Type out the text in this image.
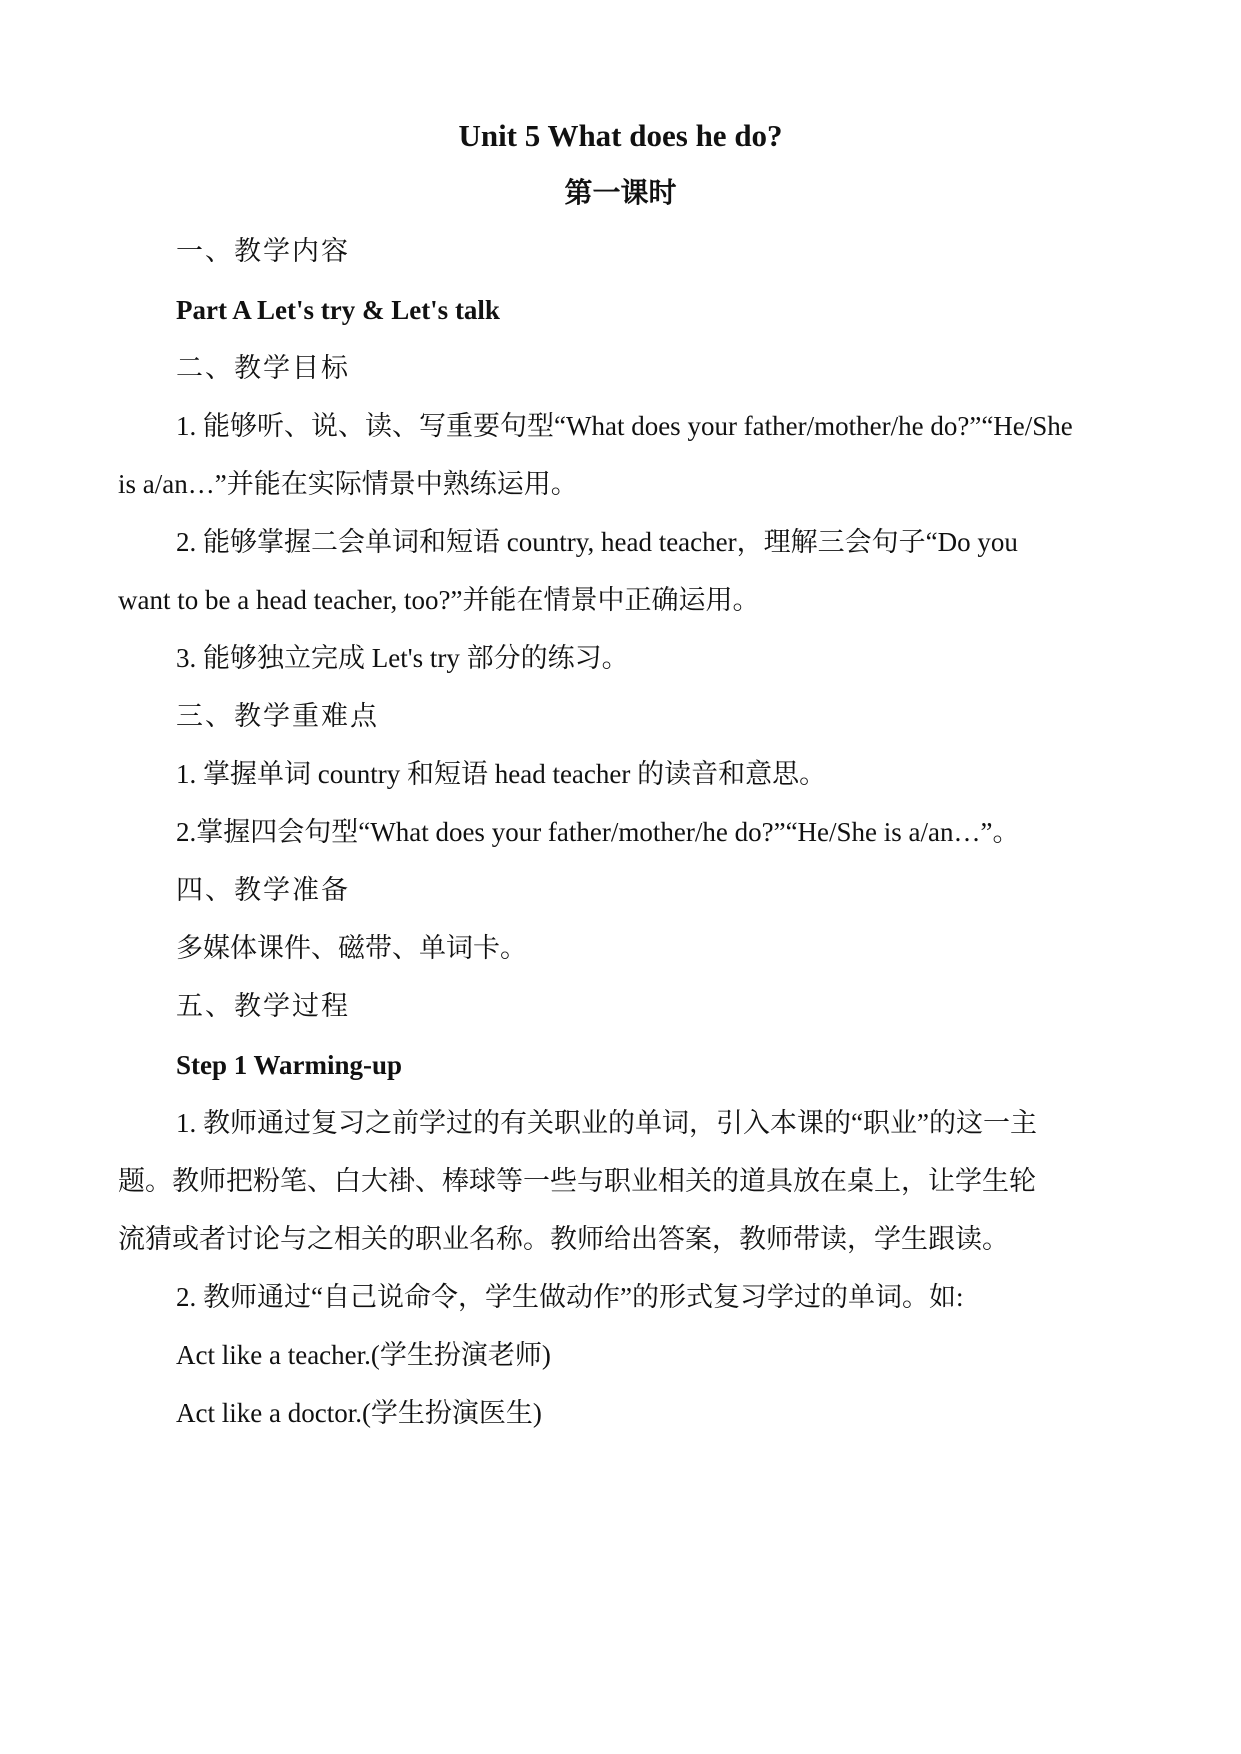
Unit 5 What does he do?
第一课时
一、教学内容
Part A Let's try & Let's talk
二、教学目标
1. 能够听、说、读、写重要句型“What does your father/mother/he do?”“He/She
is a/an…”并能在实际情景中熟练运用。
2. 能够掌握二会单词和短语 country, head teacher，理解三会句子“Do you
want to be a head teacher, too?”并能在情景中正确运用。
3. 能够独立完成 Let's try 部分的练习。
三、教学重难点
1. 掌握单词 country 和短语 head teacher 的读音和意思。
2.掌握四会句型“What does your father/mother/he do?”“He/She is a/an…”。
四、教学准备
多媒体课件、磁带、单词卡。
五、教学过程
Step 1 Warming-up
1. 教师通过复习之前学过的有关职业的单词，引入本课的“职业”的这一主
题。教师把粉笔、白大褂、棒球等一些与职业相关的道具放在桌上，让学生轮
流猜或者讨论与之相关的职业名称。教师给出答案，教师带读，学生跟读。
2. 教师通过“自己说命令，学生做动作”的形式复习学过的单词。如:
Act like a teacher.(学生扮演老师)
Act like a doctor.(学生扮演医生)
